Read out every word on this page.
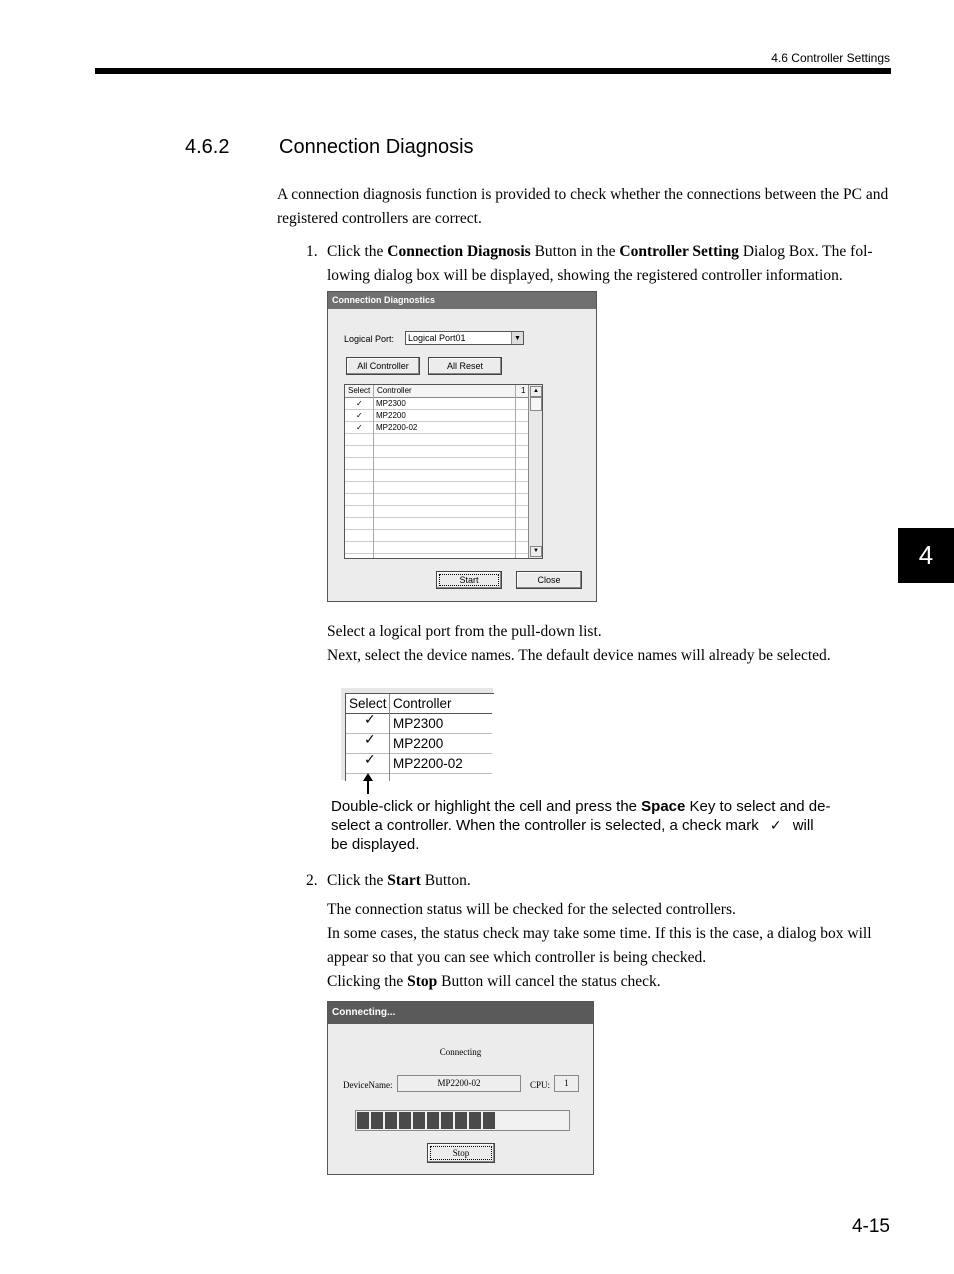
4.6 Controller Settings
4
4.6.2 Connection Diagnosis
A connection diagnosis function is provided to check whether the connections between the PC and registered controllers are correct.
1. Click the Connection Diagnosis Button in the Controller Setting Dialog Box. The fol-
lowing dialog box will be displayed, showing the registered controller information.
Connection Diagnostics
Logical Port: Logical Port01	▼
All Controller	All Reset
Select Controller	1
✓ MP2300
✓ MP2200
✓ MP2200-02
▲
▼
Start	Close
Select a logical port from the pull-down list.
Next, select the device names. The default device names will already be selected.
Select Controller
✓ MP2300
✓ MP2200
✓ MP2200-02
Double-click or highlight the cell and press the Space Key to select and de-
select a controller. When the controller is selected, a check mark ✓ will
be displayed.
2. Click the Start Button.
The connection status will be checked for the selected controllers.
In some cases, the status check may take some time. If this is the case, a dialog box will
appear so that you can see which controller is being checked.
Clicking the Stop Button will cancel the status check.
Connecting...
Connecting
DeviceName:	MP2200-02	CPU:	1
Stop
4-15
